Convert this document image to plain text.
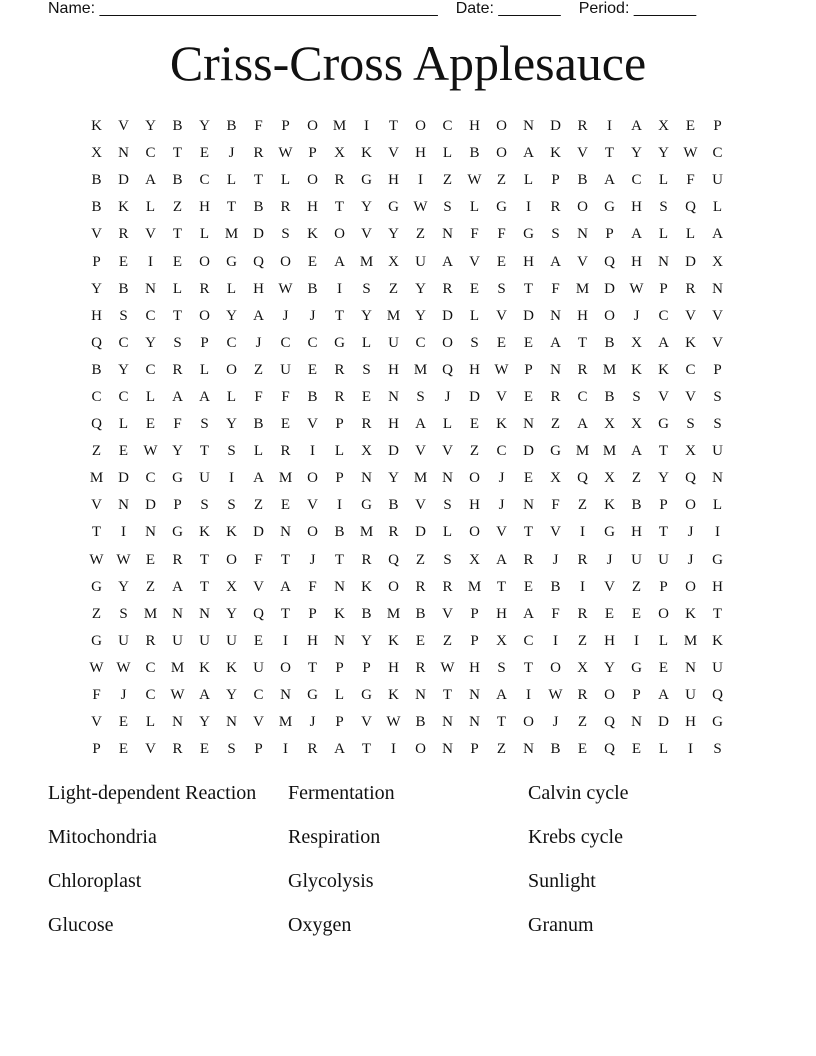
Name: ______________________________________ Date: _______ Period: _______
Criss-Cross Applesauce
K	V	Y	B	Y	B	F	P	O M	I	T	O	C	H	O	N	D	R	I	A	X	E	P
X	N	C	T	E	J	R W	P	X	K	V	H	L	B	O	A	K	V	T	Y	Y W C
B	D	A	B	C	L	T	L	O	R	G	H	I	Z	W	Z	L	P	B	A	C	L	F	U
B	K	L	Z	H	T	B	R	H	T	Y	G W	S	L	G	I	R	O	G	H	S	Q	L
V	R	V	T	L	M D	S	K	O	V	Y	Z	N	F	F	G	S	N	P	A	L	L	A
P	E	I	E	O	G	Q	O	E	A M X	U	A	V	E	H	A	V	Q	H	N	D	X
Y	B	N	L	R	L	H W B	I	S	Z	Y	R	E	S	T	F	M D W	P	R	N
H	S	C	T	O	Y	A	J	J	T	Y M Y	D	L	V	D	N	H	O	J	C	V	V
Q	C	Y	S	P	C	J	C	C	G	L	U	C	O	S	E	E	A	T	B	X	A	K	V
B	Y	C	R	L	O	Z	U	E	R	S	H M Q	H W	P	N	R	M K	K	C	P
C	C	L	A	A	L	F	F	B	R	E	N	S	J	D	V	E	R	C	B	S	V	V	S
Q	L	E	F	S	Y	B	E	V	P	R	H	A	L	E	K	N	Z	A	X	X	G	S	S
Z	E	W Y	T	S	L	R	I	L	X	D	V	V	Z	C	D	G M M A	T	X	U
M D	C	G	U	I	A M O	P	N	Y M N	O	J	E	X	Q	X	Z	Y	Q	N
V	N	D	P	S	S	Z	E	V	I	G	B	V	S	H	J	N	F	Z	K	B	P	O	L
T	I	N	G	K	K	D	N	O	B	M	R	D	L	O	V	T	V	I	G	H	T	J	I
W W	E	R	T	O	F	T	J	T	R	Q	Z	S	X	A	R	J	R	J	U	U	J	G
G	Y	Z	A	T	X	V	A	F	N	K	O	R	R	M	T	E	B	I	V	Z	P	O	H
Z	S	M N	N	Y	Q	T	P	K	B	M	B	V	P	H	A	F	R	E	E	O	K	T
G	U	R	U	U	U	E	I	H	N	Y	K	E	Z	P	X	C	I	Z	H	I	L	M K
W W C	M K	K	U	O	T	P	P	H	R W H	S	T	O	X	Y	G	E	N	U
F	J	C W A	Y	C	N	G	L	G	K	N	T	N	A	I	W R	O	P	A	U	Q
V	E	L	N	Y	N	V M	J	P	V W B	N	N	T	O	J	Z	Q	N	D	H	G
P	E	V	R	E	S	P	I	R	A	T	I	O	N	P	Z	N	B	E	Q	E	L	I	S
Light-dependent Reaction	Fermentation	Calvin cycle
Mitochondria	Respiration	Krebs cycle
Chloroplast	Glycolysis	Sunlight
Glucose	Oxygen	Granum
